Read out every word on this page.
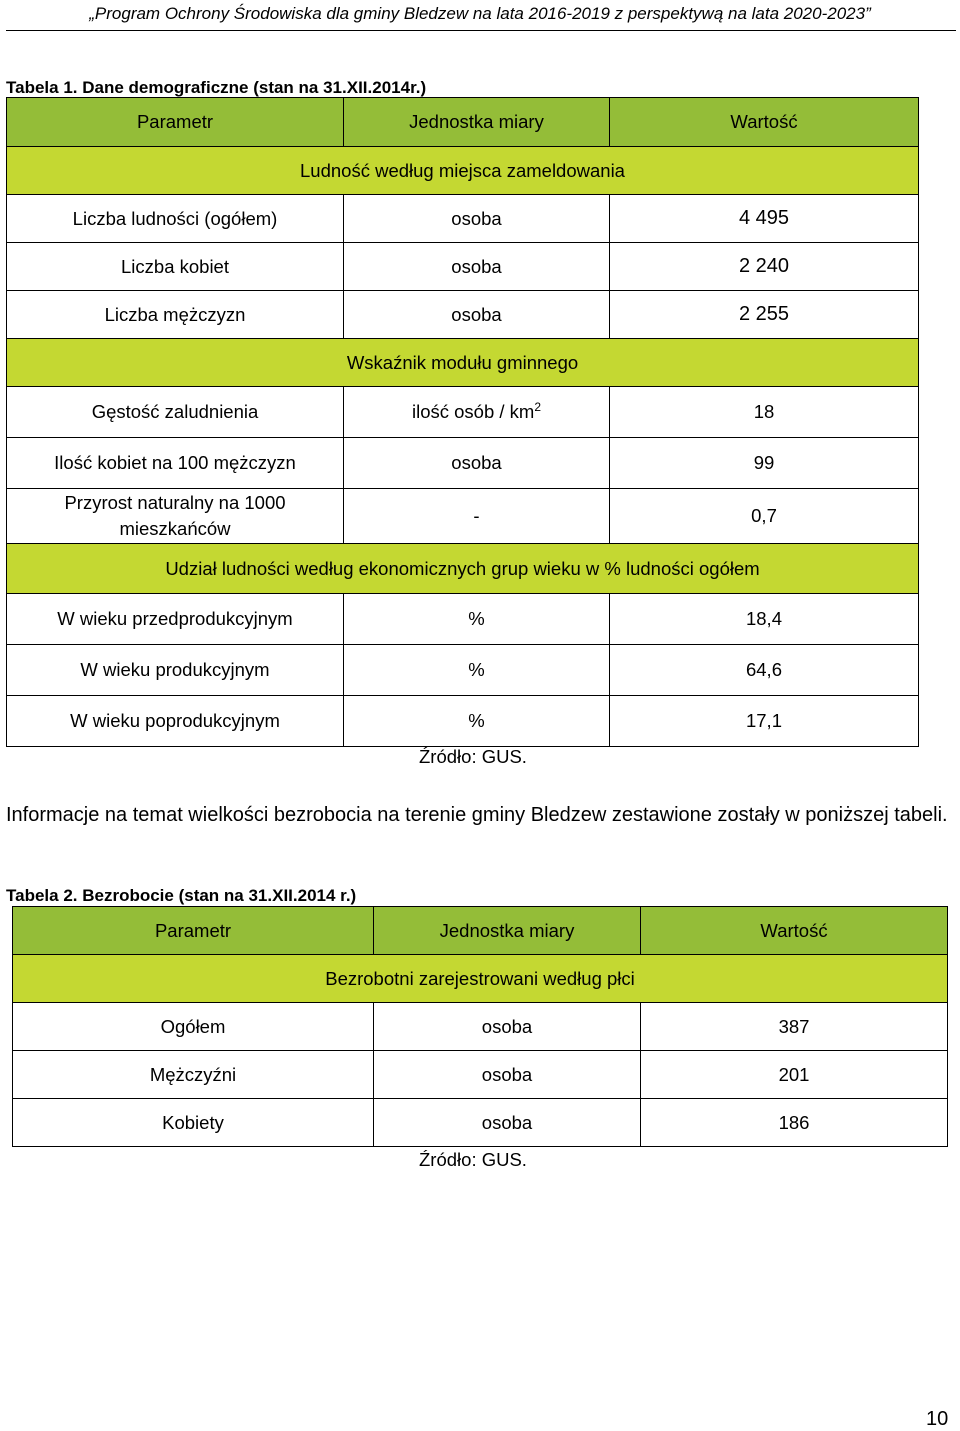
„Program Ochrony Środowiska dla gminy Bledzew na lata 2016-2019 z perspektywą na lata 2020-2023”
Tabela 1. Dane demograficzne (stan na 31.XII.2014r.)
Parametr	Jednostka miary	Wartość
Ludność według miejsca zameldowania		
Liczba ludności (ogółem)	osoba	4 495
Liczba kobiet	osoba	2 240
Liczba mężczyzn	osoba	2 255
Wskaźnik modułu gminnego		
Gęstość zaludnienia	ilość osób / $km^2$	18
Ilość kobiet na 100 mężczyzn	osoba	99
Przyrost naturalny na 1000 mieszkańców	-	0,7
Udział ludności według ekonomicznych grup wieku w % ludności ogółem		
W wieku przedprodukcyjnym	%	18,4
W wieku produkcyjnym	%	64,6
W wieku poprodukcyjnym	%	17,1
Źródło: GUS.
Informacje na temat wielkości bezrobocia na terenie gminy Bledzew zestawione zostały w poniższej tabeli.
Tabela 2. Bezrobocie (stan na 31.XII.2014 r.)
Parametr	Jednostka miary	Wartość
Bezrobotni zarejestrowani według płci		
Ogółem	osoba	387
Mężczyźni	osoba	201
Kobiety	osoba	186
Źródło: GUS.
10
